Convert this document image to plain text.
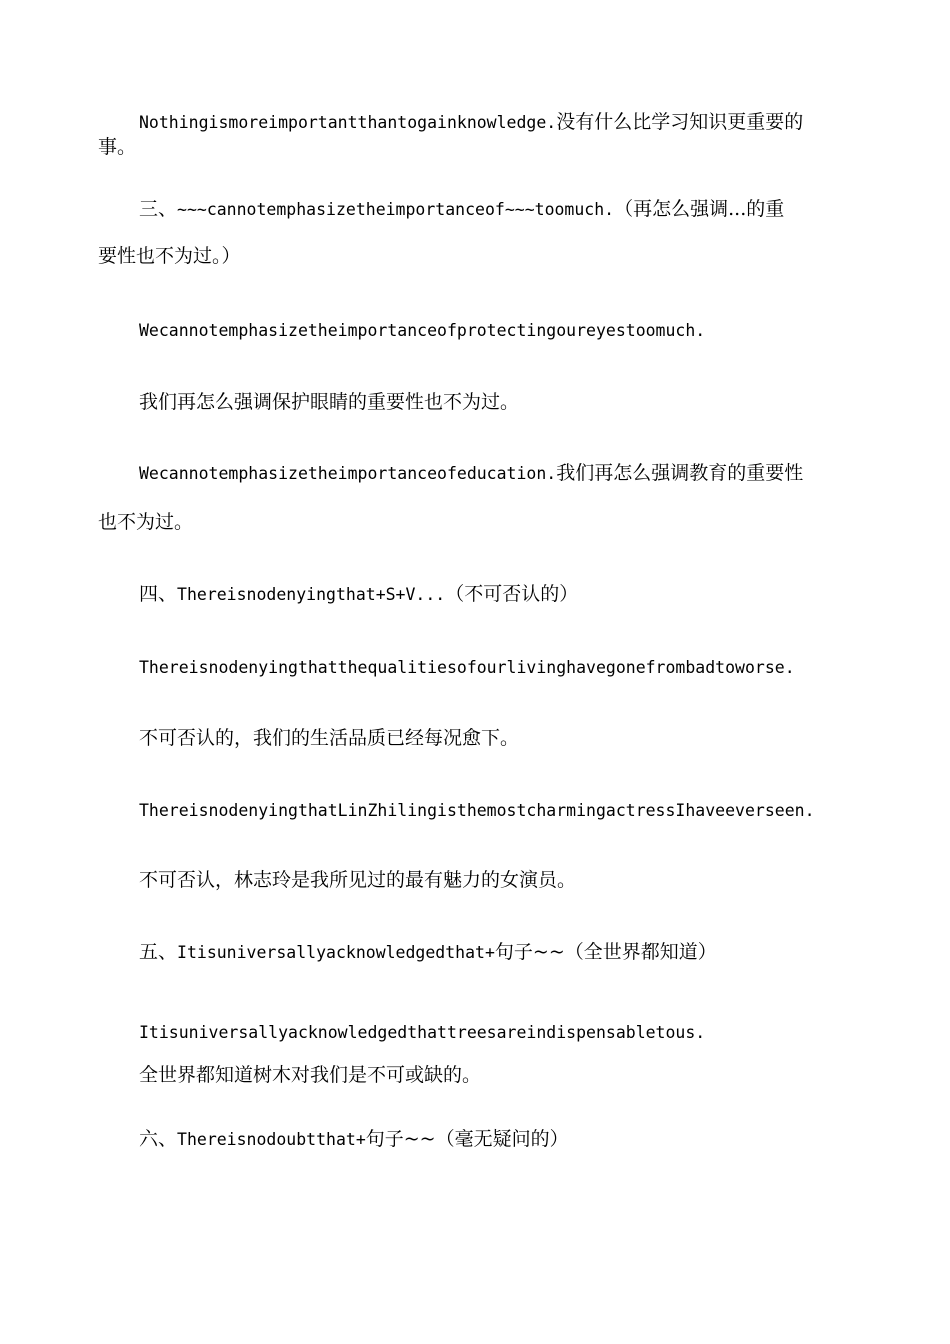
Nothingismoreimportantthantogainknowledge.没有什么比学习知识更重要的
事。
三、~~~cannotemphasizetheimportanceof~~~toomuch.（再怎么强调...的重
要性也不为过。）
Wecannotemphasizetheimportanceofprotectingoureyestoomuch.
我们再怎么强调保护眼睛的重要性也不为过。
Wecannotemphasizetheimportanceofeducation.我们再怎么强调教育的重要性
也不为过。
四、Thereisnodenyingthat+S+V...（不可否认的）
Thereisnodenyingthatthequalitiesofourlivinghavegonefrombadtoworse.
不可否认的，我们的生活品质已经每况愈下。
ThereisnodenyingthatLinZhilingisthemostcharmingactressIhaveeverseen.
不可否认，林志玲是我所见过的最有魅力的女演员。
五、Itisuniversallyacknowledgedthat+句子~~（全世界都知道）
Itisuniversallyacknowledgedthattreesareindispensabletous.
全世界都知道树木对我们是不可或缺的。
六、Thereisnodoubtthat+句子~~（毫无疑问的）
